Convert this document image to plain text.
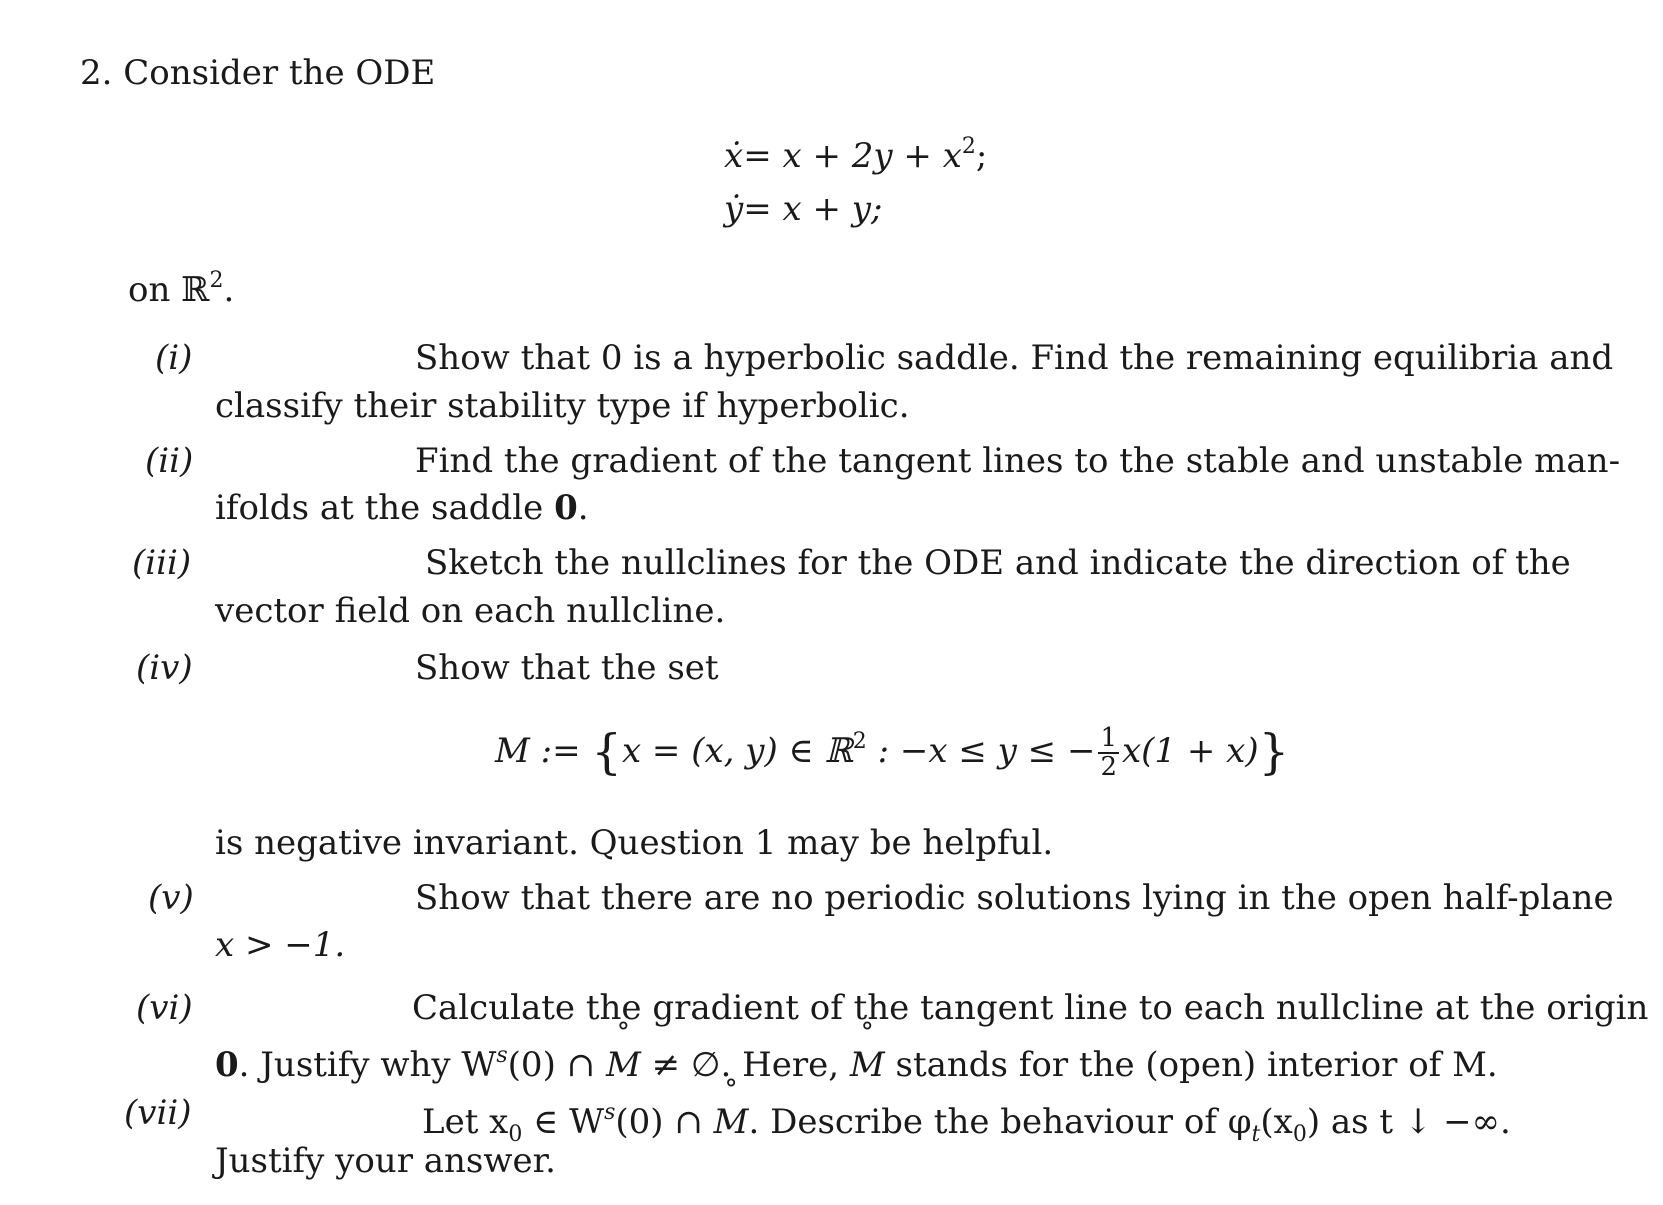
2. Consider the ODE
ẋ= $x + 2y + x^2$;
ẏ= x + y;
on ℝ$^2$.
(i)	Show that 0 is a hyperbolic saddle. Find the remaining equilibria and
classify their stability type if hyperbolic.
(ii)	Find the gradient of the tangent lines to the stable and unstable man-
ifolds at the saddle 0.
(iii)	Sketch the nullclines for the ODE and indicate the direction of the
vector field on each nullcline.
(iv)	Show that the set
M := {x = (x, y) ∈ ℝ$^2$ : −x ≤ y ≤ − $\frac{1}{2} x(1 + x)$}
is negative invariant. Question 1 may be helpful.
(v)	Show that there are no periodic solutions lying in the open half-plane
x > −1.
(vi)	Calculate the gradient of the tangent line to each nullcline at the origin
0. Justify why $W^s(0)$ ∩ ˚ M ≠ ∅. Here, ˚ M stands for the (open) interior of M.
(vii)	Let $x_0$ ∈ $W^s(0)$ ∩ ˚ M. Describe the behaviour of $\varphi_t(x_0)$ as t ↓ −∞.
Justify your answer.
